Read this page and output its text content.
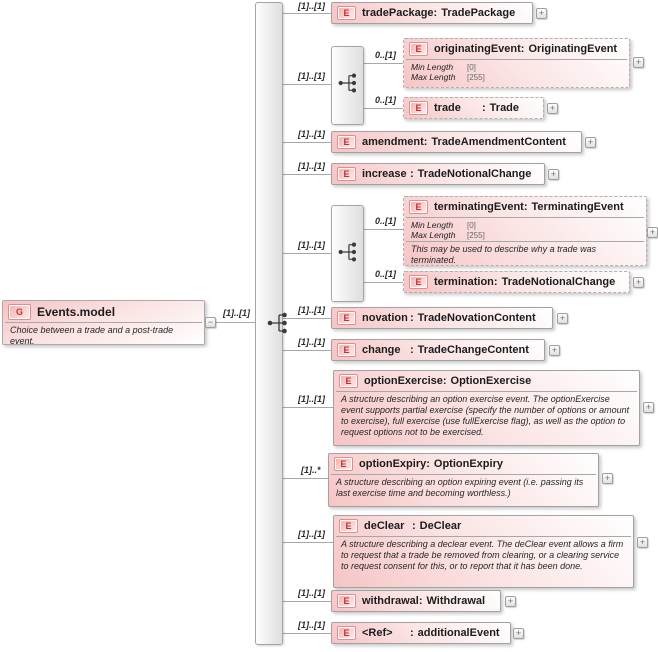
[1]..[1]
[1]..[1]
[1]..[1]
0..[1]
0..[1]
[1]..[1]
[1]..[1]
[1]..[1]
0..[1]
0..[1]
[1]..[1]
[1]..[1]
[1]..[1]
[1]..*
[1]..[1]
[1]..[1]
[1]..[1]
G	Events.model
Choice between a trade and a post-trade event.
−
E	tradePackage : TradePackage	+
E	originatingEvent : OriginatingEvent
Min Length	[0]
Max Length	[255]
+
E	trade	: Trade	+
E	amendment : TradeAmendmentContent	+
E	increase : TradeNotionalChange	+
E	terminatingEvent : TerminatingEvent
Min Length	[0]
Max Length	[255]
This may be used to describe why a trade was terminated.
+
E	termination : TradeNotionalChange	+
E	novation : TradeNovationContent	+
E	change : TradeChangeContent	+
E	optionExercise : OptionExercise
A structure describing an option exercise event. The optionExercise event supports partial exercise (specify the number of options or amount to exercise), full exercise (use fullExercise flag), as well as the option to request options not to be exercised.
+
E	optionExpiry : OptionExpiry
A structure describing an option expiring event (i.e. passing its last exercise time and becoming worthless.)
+
E	deClear : DeClear
A structure describing a declear event. The deClear event allows a firm to request that a trade be removed from clearing, or a clearing service to request consent for this, or to report that it has been done.
+
E	withdrawal : Withdrawal	+
E	<Ref>	: additionalEvent	+
